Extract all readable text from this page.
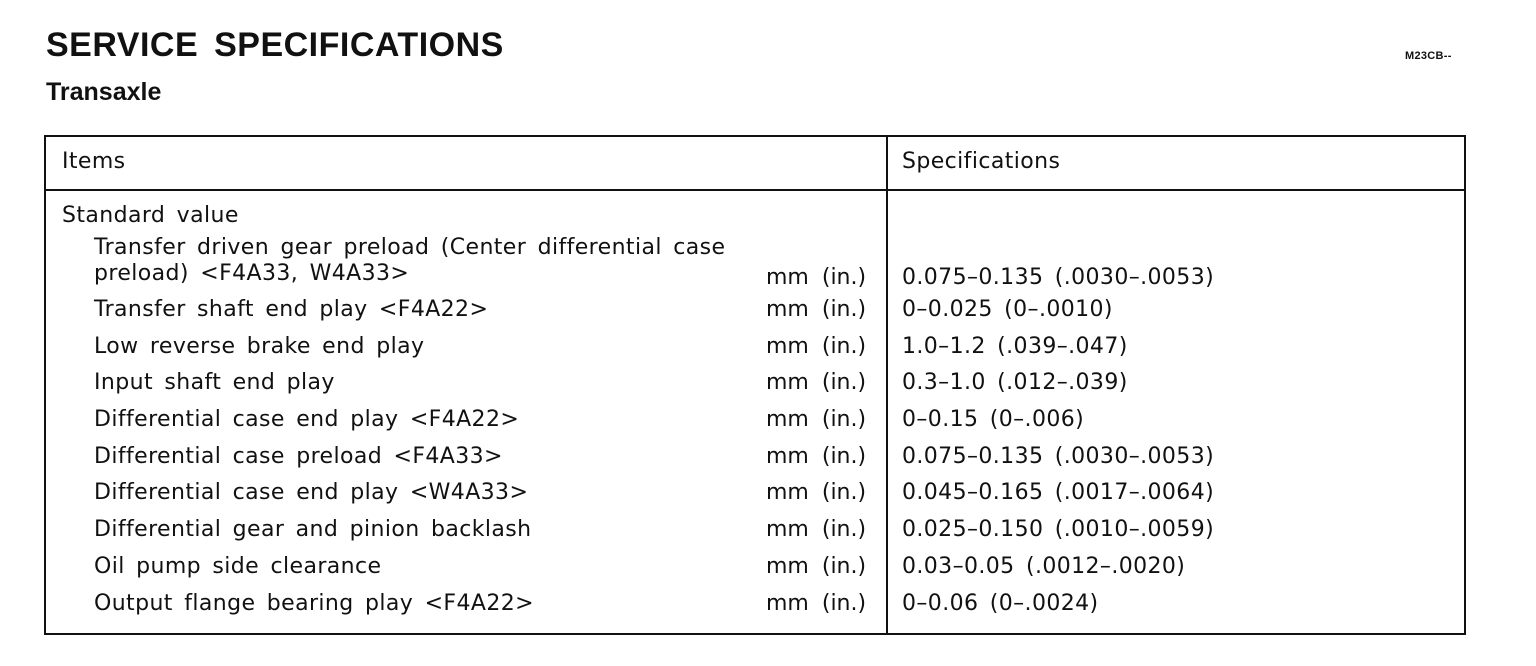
SERVICE SPECIFICATIONS	M23CB--
Transaxle
Items	Specifications
Standard value
Transfer driven gear preload (Center differential case
preload) <F4A33, W4A33>	mm (in.) 0.075–0.135 (.0030–.0053)
Transfer shaft end play <F4A22>	mm (in.) 0–0.025 (0–.0010)
Low reverse brake end play	mm (in.) 1.0–1.2 (.039–.047)
Input shaft end play	mm (in.) 0.3–1.0 (.012–.039)
Differential case end play <F4A22>	mm (in.) 0–0.15 (0–.006)
Differential case preload <F4A33>	mm (in.) 0.075–0.135 (.0030–.0053)
Differential case end play <W4A33>	mm (in.) 0.045–0.165 (.0017–.0064)
Differential gear and pinion backlash	mm (in.) 0.025–0.150 (.0010–.0059)
Oil pump side clearance	mm (in.) 0.03–0.05 (.0012–.0020)
Output flange bearing play <F4A22>	mm (in.) 0–0.06 (0–.0024)
